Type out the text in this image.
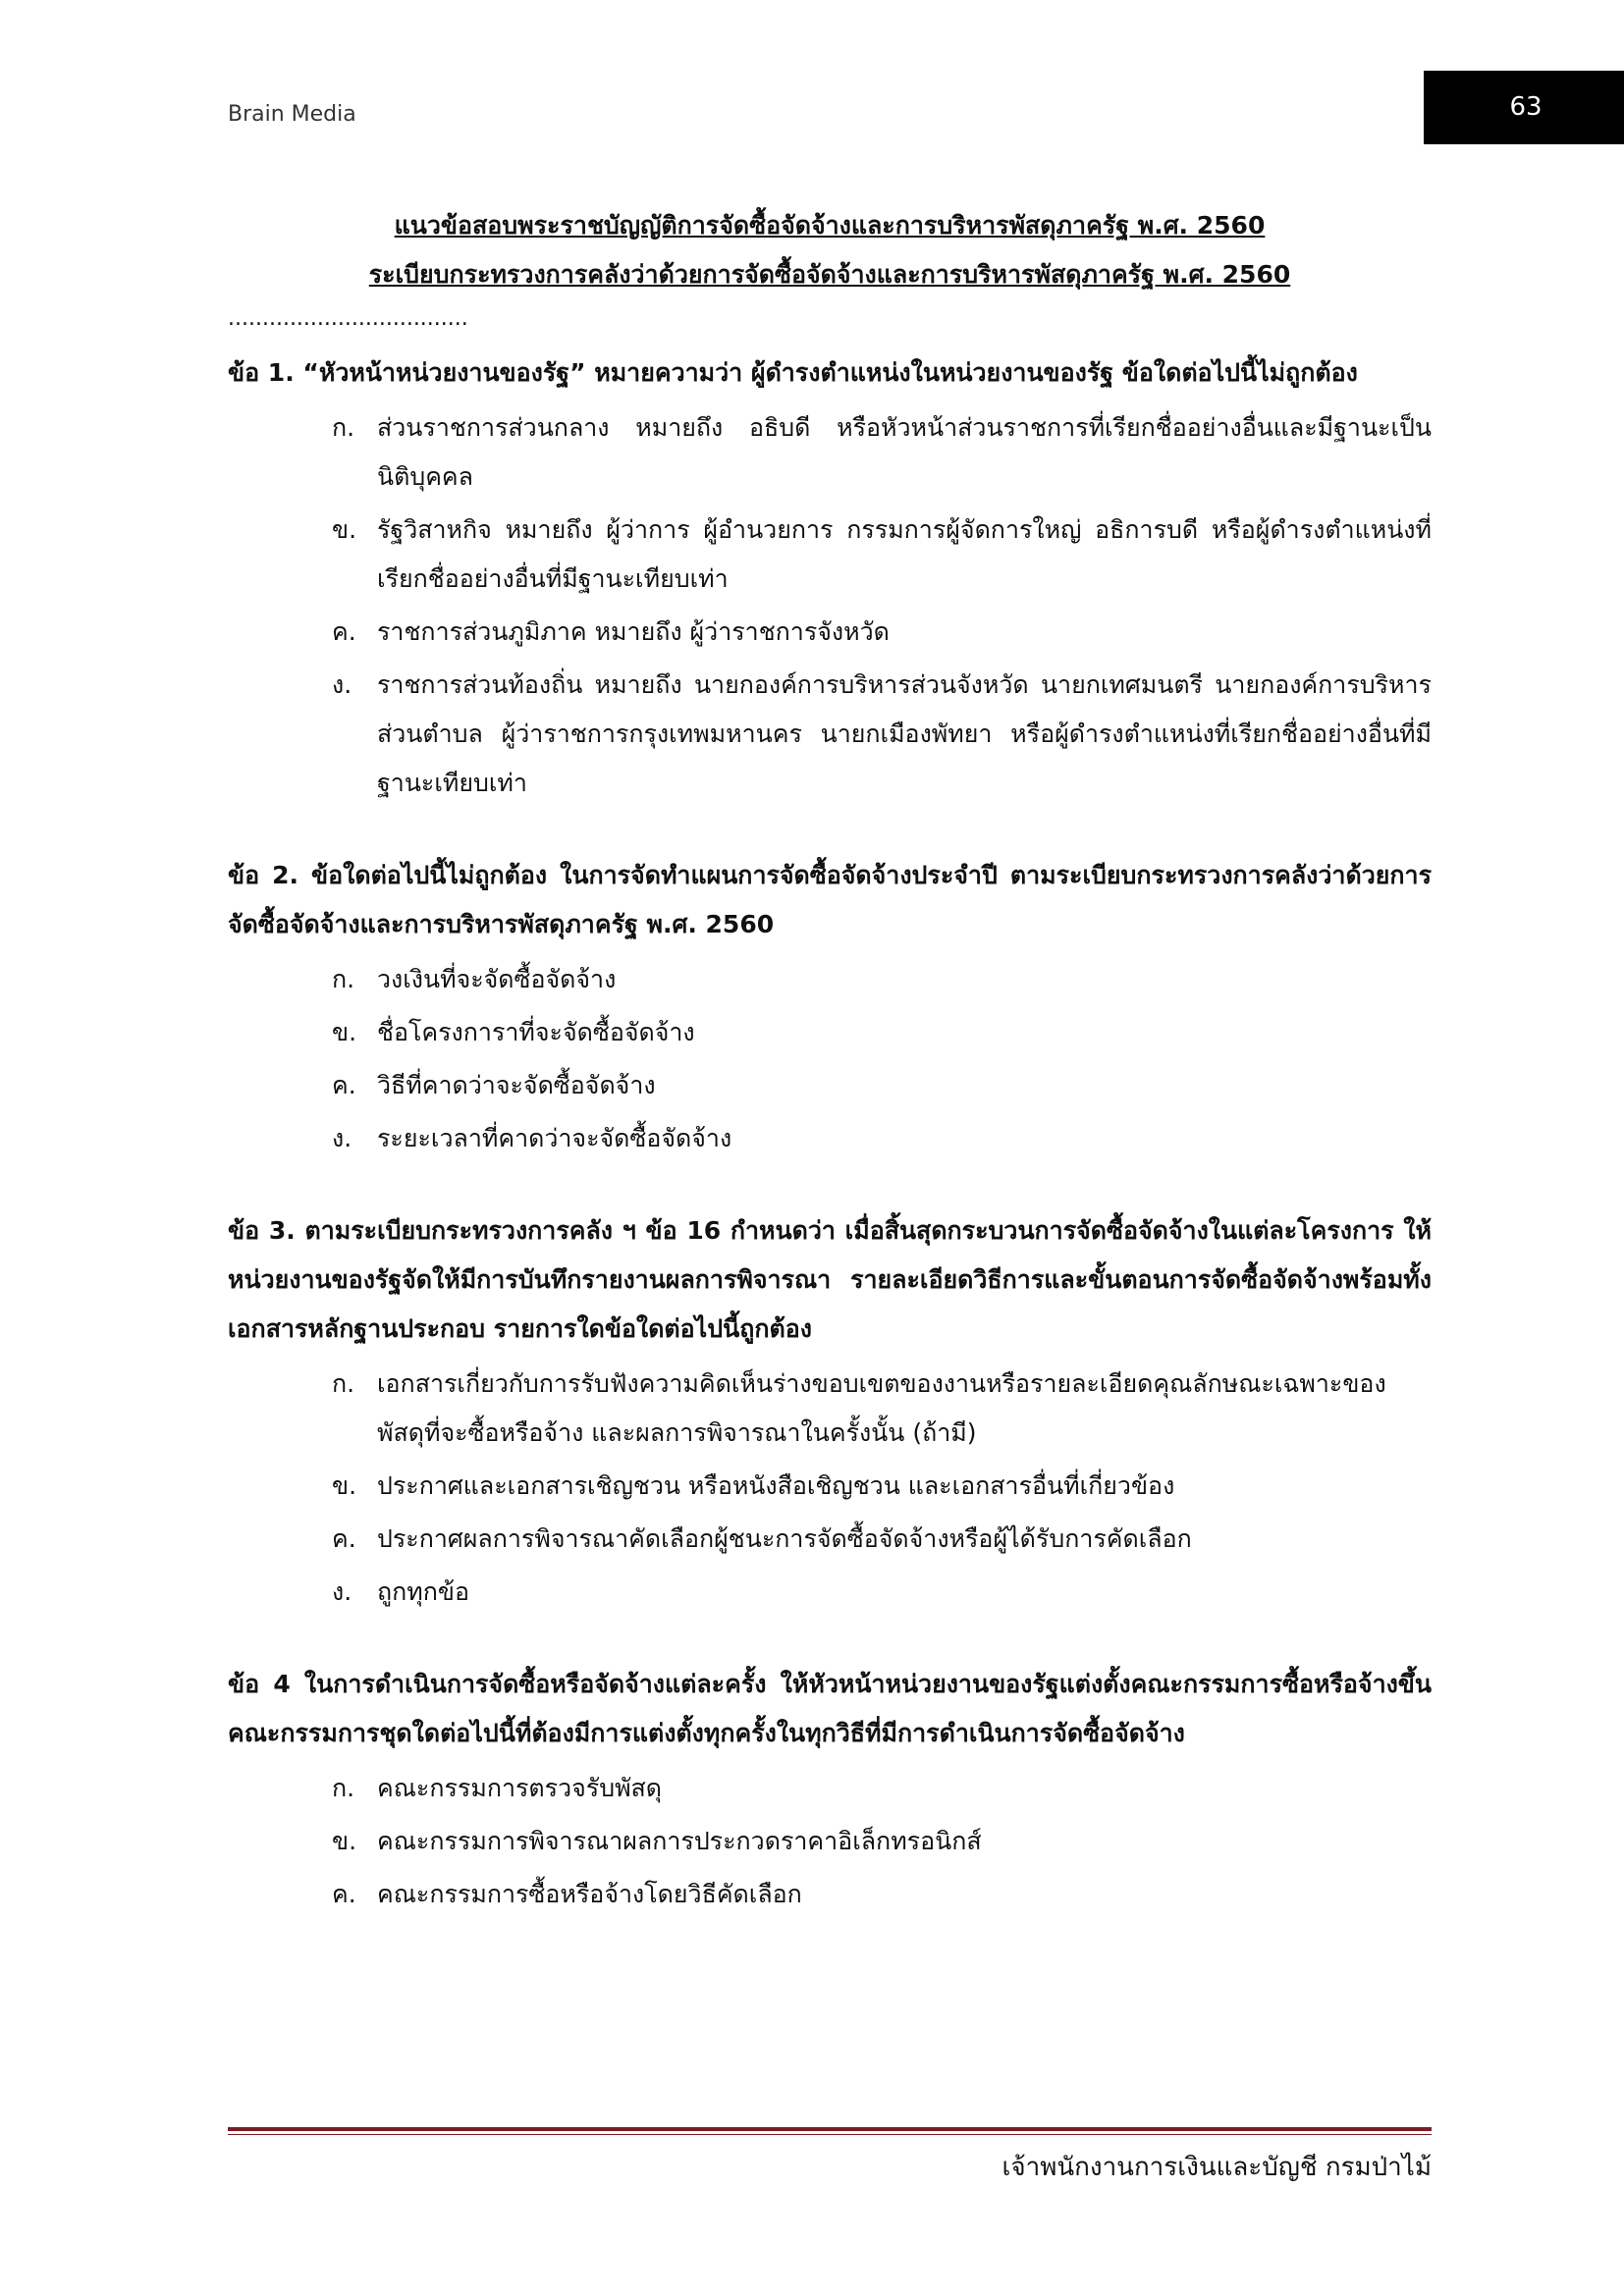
Brain Media	63
แนวข้อสอบพระราชบัญญัติการจัดซื้อจัดจ้างและการบริหารพัสดุภาครัฐ พ.ศ. 2560
ระเบียบกระทรวงการคลังว่าด้วยการจัดซื้อจัดจ้างและการบริหารพัสดุภาครัฐ พ.ศ. 2560
...................................
ข้อ 1. “หัวหน้าหน่วยงานของรัฐ” หมายความว่า ผู้ดำรงตำแหน่งในหน่วยงานของรัฐ ข้อใดต่อไปนี้ไม่ถูกต้อง
ก. ส่วนราชการส่วนกลาง หมายถึง อธิบดี หรือหัวหน้าส่วนราชการที่เรียกชื่ออย่างอื่นและมีฐานะเป็นนิติบุคคล
ข. รัฐวิสาหกิจ หมายถึง ผู้ว่าการ ผู้อำนวยการ กรรมการผู้จัดการใหญ่ อธิการบดี หรือผู้ดำรงตำแหน่งที่เรียกชื่ออย่างอื่นที่มีฐานะเทียบเท่า
ค. ราชการส่วนภูมิภาค หมายถึง ผู้ว่าราชการจังหวัด
ง. ราชการส่วนท้องถิ่น หมายถึง นายกองค์การบริหารส่วนจังหวัด นายกเทศมนตรี นายกองค์การบริหารส่วนตำบล ผู้ว่าราชการกรุงเทพมหานคร นายกเมืองพัทยา หรือผู้ดำรงตำแหน่งที่เรียกชื่ออย่างอื่นที่มีฐานะเทียบเท่า
ข้อ 2. ข้อใดต่อไปนี้ไม่ถูกต้อง ในการจัดทำแผนการจัดซื้อจัดจ้างประจำปี ตามระเบียบกระทรวงการคลังว่าด้วยการจัดซื้อจัดจ้างและการบริหารพัสดุภาครัฐ พ.ศ. 2560
ก. วงเงินที่จะจัดซื้อจัดจ้าง
ข. ชื่อโครงการาที่จะจัดซื้อจัดจ้าง
ค. วิธีที่คาดว่าจะจัดซื้อจัดจ้าง
ง. ระยะเวลาที่คาดว่าจะจัดซื้อจัดจ้าง
ข้อ 3. ตามระเบียบกระทรวงการคลัง ฯ ข้อ 16 กำหนดว่า เมื่อสิ้นสุดกระบวนการจัดซื้อจัดจ้างในแต่ละโครงการ ให้หน่วยงานของรัฐจัดให้มีการบันทึกรายงานผลการพิจารณา รายละเอียดวิธีการและขั้นตอนการจัดซื้อจัดจ้างพร้อมทั้งเอกสารหลักฐานประกอบ รายการใดข้อใดต่อไปนี้ถูกต้อง
ก. เอกสารเกี่ยวกับการรับฟังความคิดเห็นร่างขอบเขตของงานหรือรายละเอียดคุณลักษณะเฉพาะของพัสดุที่จะซื้อหรือจ้าง และผลการพิจารณาในครั้งนั้น (ถ้ามี)
ข. ประกาศและเอกสารเชิญชวน หรือหนังสือเชิญชวน และเอกสารอื่นที่เกี่ยวข้อง
ค. ประกาศผลการพิจารณาคัดเลือกผู้ชนะการจัดซื้อจัดจ้างหรือผู้ได้รับการคัดเลือก
ง. ถูกทุกข้อ
ข้อ 4 ในการดำเนินการจัดซื้อหรือจัดจ้างแต่ละครั้ง ให้หัวหน้าหน่วยงานของรัฐแต่งตั้งคณะกรรมการซื้อหรือจ้างขึ้น คณะกรรมการชุดใดต่อไปนี้ที่ต้องมีการแต่งตั้งทุกครั้งในทุกวิธีที่มีการดำเนินการจัดซื้อจัดจ้าง
ก. คณะกรรมการตรวจรับพัสดุ
ข. คณะกรรมการพิจารณาผลการประกวดราคาอิเล็กทรอนิกส์
ค. คณะกรรมการซื้อหรือจ้างโดยวิธีคัดเลือก
เจ้าพนักงานการเงินและบัญชี กรมป่าไม้
